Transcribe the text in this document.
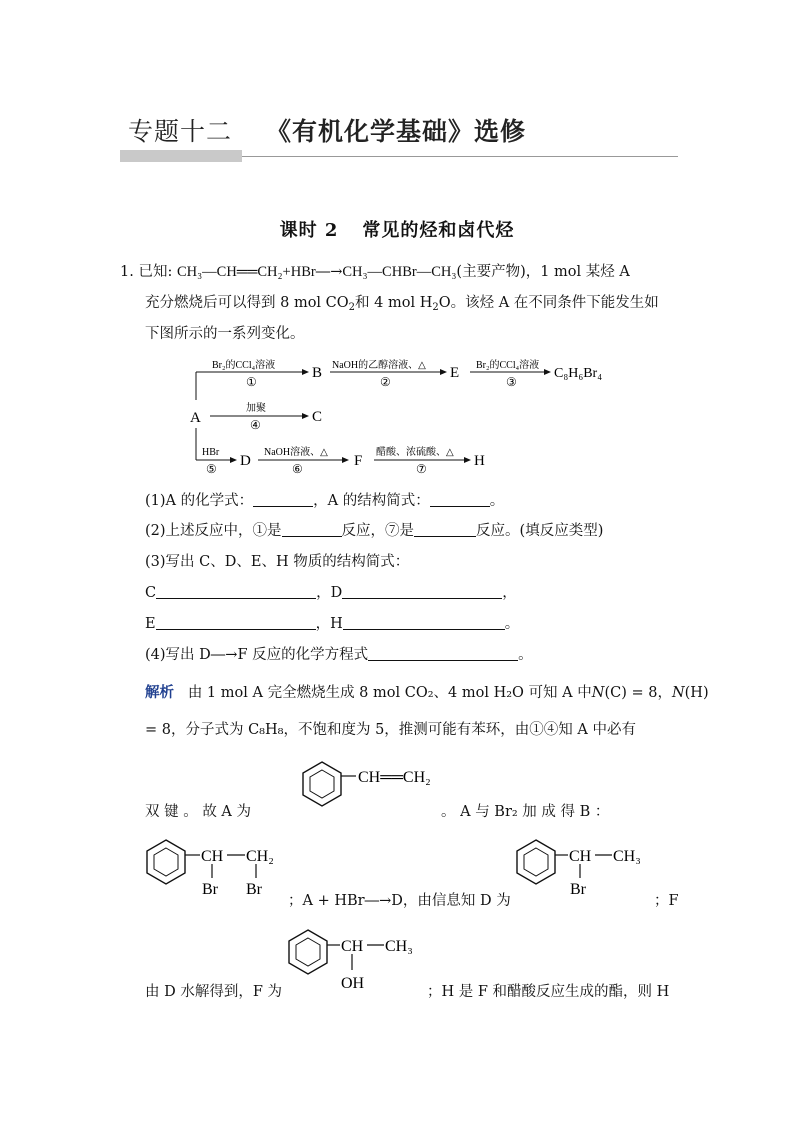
专题十二 《有机化学基础》选修
课时 2 常见的烃和卤代烃
1. 已知: CH₃—CH══CH₂+HBr―→CH₃—CHBr—CH₃(主要产物)，1 mol 某烃 A
充分燃烧后可以得到 8 mol $CO_2$和 4 mol $H_2O$。该烃 A 在不同条件下能发生如
下图所示的一系列变化。
A
Br₂的CCl₄溶液
①
B NaOH的乙醇溶液、△
②
E Br₂的CCl₄溶液
③
C₈H₆Br₄
加聚
④	C
HBr
⑤ D
NaOH溶液、△
⑥	F
醋酸、浓硫酸、△
⑦	H
(1)A 的化学式：	，A 的结构简式：	。
(2)上述反应中，①是	反应，⑦是	反应。(填反应类型)
(3)写出 C、D、E、H 物质的结构简式：
C	，D	，
E	，H	。
(4)写出 D―→F 反应的化学方程式	。
解析 由 1 mol A 完全燃烧生成 8 mol CO₂、4 mol H₂O 可知 A 中N(C) = 8，N(H)
= 8，分子式为 C₈H₈，不饱和度为 5，推测可能有苯环，由①④知 A 中必有
CH══CH₂
双 键 。 故 A 为	。 A 与 Br₂ 加 成 得 B ：
CH CH₂
Br Br
；A + HBr―→D，由信息知 D 为
CH CH₃
Br
；F
CH CH₃
OH
由 D 水解得到，F 为	；H 是 F 和醋酸反应生成的酯，则 H
